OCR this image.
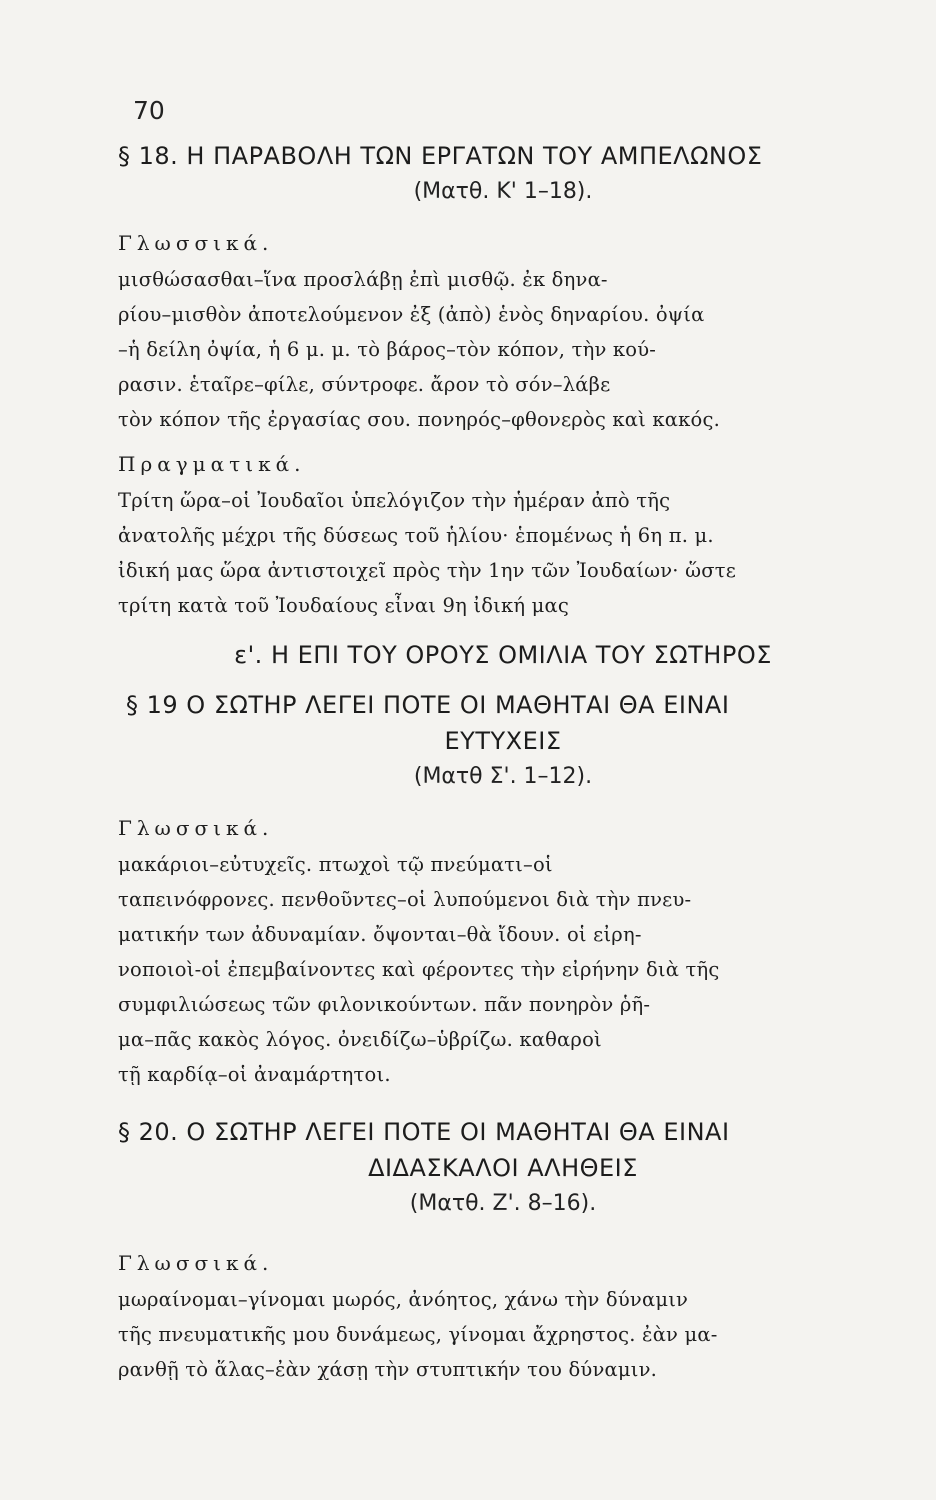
70
§ 18. Η ΠΑΡΑΒΟΛΗ ΤΩΝ ΕΡΓΑΤΩΝ ΤΟΥ ΑΜΠΕΛΩΝΟΣ
(Ματθ. Κ' 1–18).
Γλωσσικά.
μισθώσασθαι–ἵνα προσλάβῃ ἐπὶ μισθῷ. ἐκ δηνα-
ρίου–μισθὸν ἀποτελούμενον ἐξ (ἀπὸ) ἑνὸς δηναρίου. ὀψία
–ἡ δείλη ὀψία, ἡ 6 μ. μ. τὸ βάρος–τὸν κόπον, τὴν κού-
ρασιν. ἑταῖρε–φίλε, σύντροφε. ἄρον τὸ σόν–λάβε
τὸν κόπον τῆς ἐργασίας σου. πονηρός–φθονερὸς καὶ κακός.
Πραγματικά.
Τρίτη ὥρα–οἱ Ἰουδαῖοι ὑπελόγιζον τὴν ἡμέραν ἀπὸ τῆς
ἀνατολῆς μέχρι τῆς δύσεως τοῦ ἡλίου· ἑπομένως ἡ 6η π. μ.
ἰδική μας ὥρα ἀντιστοιχεῖ πρὸς τὴν 1ην τῶν Ἰουδαίων· ὥστε
τρίτη κατὰ τοῦ Ἰουδαίους εἶναι 9η ἰδική μας
ε'. Η ΕΠΙ ΤΟΥ ΟΡΟΥΣ ΟΜΙΛΙΑ ΤΟΥ ΣΩΤΗΡΟΣ
§ 19 Ο ΣΩΤΗΡ ΛΕΓΕΙ ΠΟΤΕ ΟΙ ΜΑΘΗΤΑΙ ΘΑ ΕΙΝΑΙ
ΕΥΤΥΧΕΙΣ
(Ματθ Σ'. 1–12).
Γλωσσικά.
μακάριοι–εὐτυχεῖς. πτωχοὶ τῷ πνεύματι–οἱ
ταπεινόφρονες. πενθοῦντες–οἱ λυπούμενοι διὰ τὴν πνευ-
ματικήν των ἀδυναμίαν. ὄψονται–θὰ ἴδουν. οἱ εἰρη-
νοποιοὶ-οἱ ἐπεμβαίνοντες καὶ φέροντες τὴν εἰρήνην διὰ τῆς
συμφιλιώσεως τῶν φιλονικούντων. πᾶν πονηρὸν ῥῆ-
μα–πᾶς κακὸς λόγος. ὀνειδίζω–ὑβρίζω. καθαροὶ
τῇ καρδίᾳ–οἱ ἀναμάρτητοι.
§ 20. Ο ΣΩΤΗΡ ΛΕΓΕΙ ΠΟΤΕ ΟΙ ΜΑΘΗΤΑΙ ΘΑ ΕΙΝΑΙ
ΔΙΔΑΣΚΑΛΟΙ ΑΛΗΘΕΙΣ
(Ματθ. Ζ'. 8–16).
Γλωσσικά.
μωραίνομαι–γίνομαι μωρός, ἀνόητος, χάνω τὴν δύναμιν
τῆς πνευματικῆς μου δυνάμεως, γίνομαι ἄχρηστος. ἐὰν μα-
ρανθῇ τὸ ἅλας–ἐὰν χάσῃ τὴν στυπτικήν του δύναμιν.
